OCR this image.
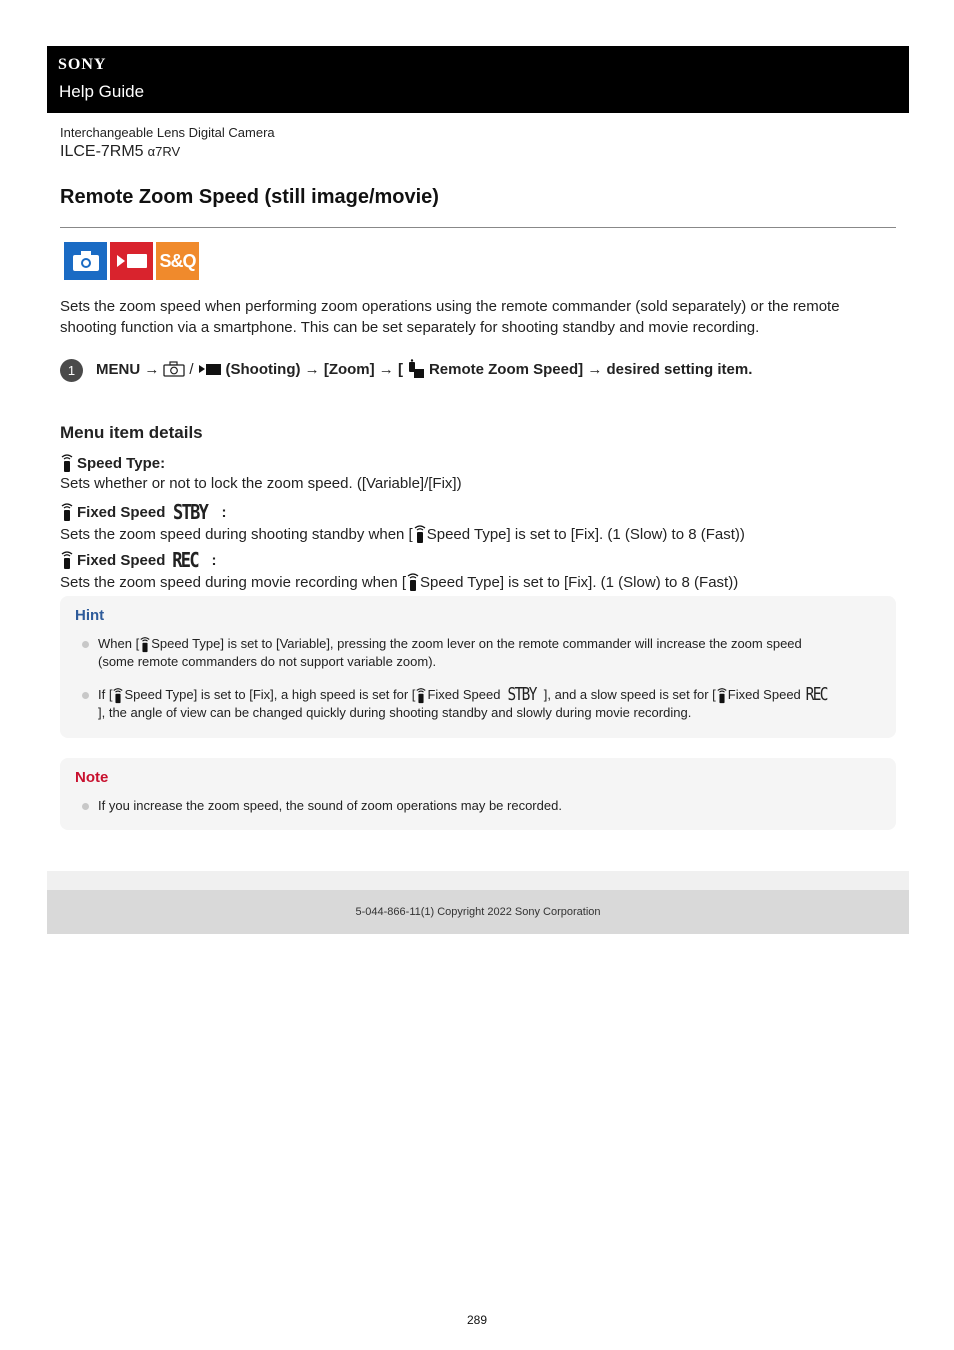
SONY
Help Guide
Interchangeable Lens Digital Camera
ILCE-7RM5 α7RV
Remote Zoom Speed (still image/movie)
S&Q
Sets the zoom speed when performing zoom operations using the remote commander (sold separately) or the remote shooting function via a smartphone. This can be set separately for shooting standby and movie recording.
1	MENU → / (Shooting) → [Zoom] → [ Remote Zoom Speed] → desired setting item.
Menu item details
Speed Type:
Sets whether or not to lock the zoom speed. ([Variable]/[Fix])
Fixed Speed STBY :
Sets the zoom speed during shooting standby when [ Speed Type] is set to [Fix]. (1 (Slow) to 8 (Fast))
Fixed Speed REC :
Sets the zoom speed during movie recording when [ Speed Type] is set to [Fix]. (1 (Slow) to 8 (Fast))
Hint
When [ Speed Type] is set to [Variable], pressing the zoom lever on the remote commander will increase the zoom speed
(some remote commanders do not support variable zoom).
If [ Speed Type] is set to [Fix], a high speed is set for [ Fixed Speed STBY ], and a slow speed is set for [ Fixed Speed REC
], the angle of view can be changed quickly during shooting standby and slowly during movie recording.
Note
If you increase the zoom speed, the sound of zoom operations may be recorded.
5-044-866-11(1) Copyright 2022 Sony Corporation
289
